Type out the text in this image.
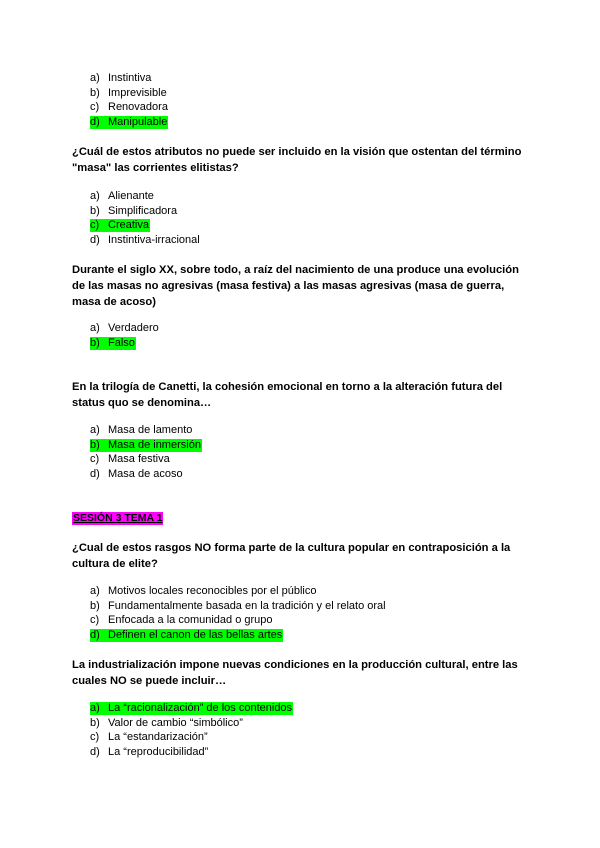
a) Instintiva
b) Imprevisible
c) Renovadora
d) Manipulable
¿Cuál de estos atributos no puede ser incluido en la visión que ostentan del término "masa" las corrientes elitistas?
a) Alienante
b) Simplificadora
c) Creativa
d) Instintiva-irracional
Durante el siglo XX, sobre todo, a raíz del nacimiento de una produce una evolución de las masas no agresivas (masa festiva) a las masas agresivas (masa de guerra, masa de acoso)
a) Verdadero
b) Falso
En la trilogía de Canetti, la cohesión emocional en torno a la alteración futura del status quo se denomina…
a) Masa de lamento
b) Masa de inmersión
c) Masa festiva
d) Masa de acoso
SESIÓN 3 TEMA 1
¿Cual de estos rasgos NO forma parte de la cultura popular en contraposición a la cultura de elite?
a) Motivos locales reconocibles por el público
b) Fundamentalmente basada en la tradición y el relato oral
c) Enfocada a la comunidad o grupo
d) Definen el canon de las bellas artes
La industrialización impone nuevas condiciones en la producción cultural, entre las cuales NO se puede incluir…
a) La “racionalización” de los contenidos
b) Valor de cambio “simbólico”
c) La “estandarización”
d) La “reproducibilidad”
